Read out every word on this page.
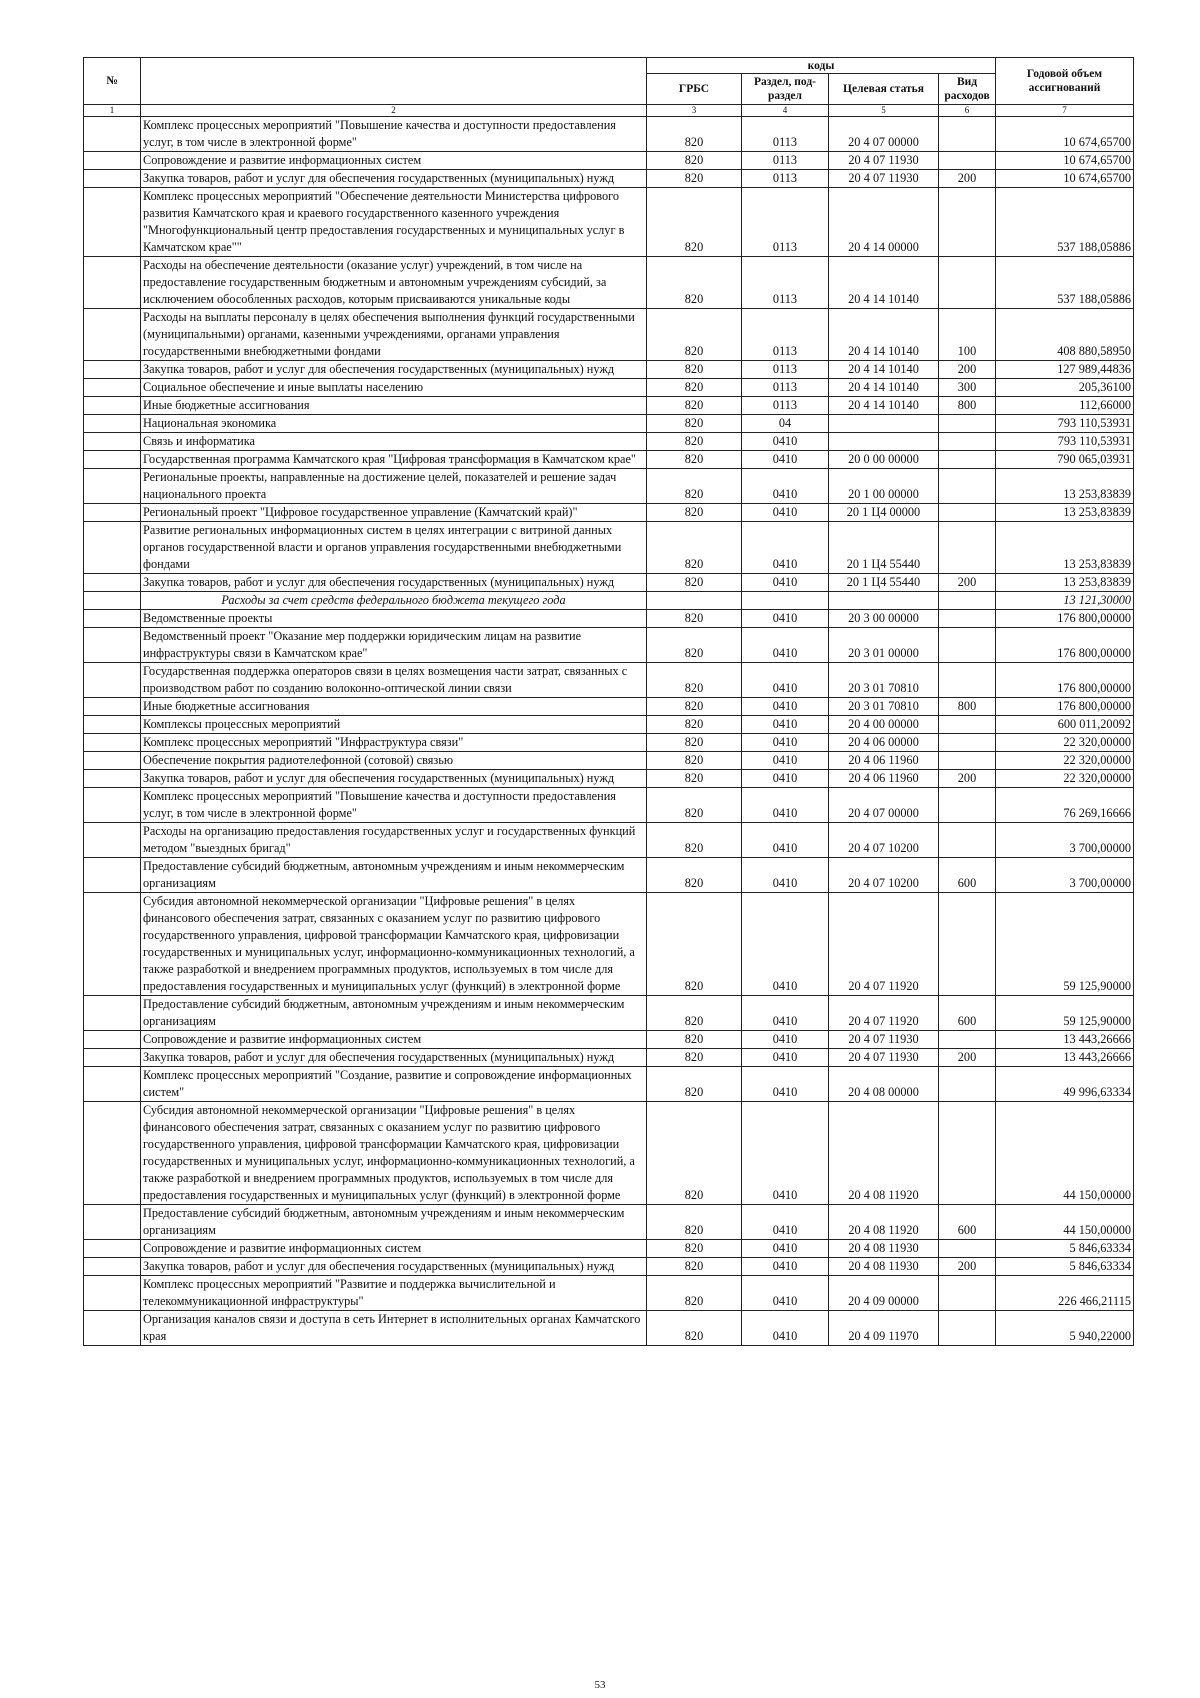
№		коды				Годовой объем ассигнований
		ГРБС	Раздел, под-раздел	Целевая статья	Вид расходов	
1	2	3	4	5	6	7
	Комплекс процессных мероприятий "Повышение качества и доступности предоставления услуг, в том числе в электронной форме"	820	0113	20 4 07 00000		10 674,65700
	Сопровождение и развитие информационных систем	820	0113	20 4 07 11930		10 674,65700
	Закупка товаров, работ и услуг для обеспечения государственных (муниципальных) нужд	820	0113	20 4 07 11930	200	10 674,65700
	Комплекс процессных мероприятий "Обеспечение деятельности Министерства цифрового развития Камчатского края и краевого государственного казенного учреждения "Многофункциональный центр предоставления государственных и муниципальных услуг в Камчатском крае""	820	0113	20 4 14 00000		537 188,05886
	Расходы на обеспечение деятельности (оказание услуг) учреждений, в том числе на предоставление государственным бюджетным и автономным учреждениям субсидий, за исключением обособленных расходов, которым присваиваются уникальные коды	820	0113	20 4 14 10140		537 188,05886
	Расходы на выплаты персоналу в целях обеспечения выполнения функций государственными (муниципальными) органами, казенными учреждениями, органами управления государственными внебюджетными фондами	820	0113	20 4 14 10140	100	408 880,58950
	Закупка товаров, работ и услуг для обеспечения государственных (муниципальных) нужд	820	0113	20 4 14 10140	200	127 989,44836
	Социальное обеспечение и иные выплаты населению	820	0113	20 4 14 10140	300	205,36100
	Иные бюджетные ассигнования	820	0113	20 4 14 10140	800	112,66000
	Национальная экономика	820	04			793 110,53931
	Связь и информатика	820	0410			793 110,53931
	Государственная программа Камчатского края "Цифровая трансформация в Камчатском крае"	820	0410	20 0 00 00000		790 065,03931
	Региональные проекты, направленные на достижение целей, показателей и решение задач национального проекта	820	0410	20 1 00 00000		13 253,83839
	Региональный проект "Цифровое государственное управление (Камчатский край)"	820	0410	20 1 Ц4 00000		13 253,83839
	Развитие региональных информационных систем в целях интеграции с витриной данных органов государственной власти и органов управления государственными внебюджетными фондами	820	0410	20 1 Ц4 55440		13 253,83839
	Закупка товаров, работ и услуг для обеспечения государственных (муниципальных) нужд	820	0410	20 1 Ц4 55440	200	13 253,83839
	Расходы за счет средств федерального бюджета текущего года					13 121,30000
	Ведомственные проекты	820	0410	20 3 00 00000		176 800,00000
	Ведомственный проект "Оказание мер поддержки юридическим лицам на развитие инфраструктуры связи в Камчатском крае"	820	0410	20 3 01 00000		176 800,00000
	Государственная поддержка операторов связи в целях возмещения части затрат, связанных с производством работ по созданию волоконно-оптической линии связи	820	0410	20 3 01 70810		176 800,00000
	Иные бюджетные ассигнования	820	0410	20 3 01 70810	800	176 800,00000
	Комплексы процессных мероприятий	820	0410	20 4 00 00000		600 011,20092
	Комплекс процессных мероприятий "Инфраструктура связи"	820	0410	20 4 06 00000		22 320,00000
	Обеспечение покрытия радиотелефонной (сотовой) связью	820	0410	20 4 06 11960		22 320,00000
	Закупка товаров, работ и услуг для обеспечения государственных (муниципальных) нужд	820	0410	20 4 06 11960	200	22 320,00000
	Комплекс процессных мероприятий "Повышение качества и доступности предоставления услуг, в том числе в электронной форме"	820	0410	20 4 07 00000		76 269,16666
	Расходы на организацию предоставления государственных услуг и государственных функций методом "выездных бригад"	820	0410	20 4 07 10200		3 700,00000
	Предоставление субсидий бюджетным, автономным учреждениям и иным некоммерческим организациям	820	0410	20 4 07 10200	600	3 700,00000
	Субсидия автономной некоммерческой организации "Цифровые решения" в целях финансового обеспечения затрат, связанных с оказанием услуг по развитию цифрового государственного управления, цифровой трансформации Камчатского края, цифровизации государственных и муниципальных услуг, информационно-коммуникационных технологий, а также разработкой и внедрением программных продуктов, используемых в том числе для предоставления государственных и муниципальных услуг (функций) в электронной форме	820	0410	20 4 07 11920		59 125,90000
	Предоставление субсидий бюджетным, автономным учреждениям и иным некоммерческим организациям	820	0410	20 4 07 11920	600	59 125,90000
	Сопровождение и развитие информационных систем	820	0410	20 4 07 11930		13 443,26666
	Закупка товаров, работ и услуг для обеспечения государственных (муниципальных) нужд	820	0410	20 4 07 11930	200	13 443,26666
	Комплекс процессных мероприятий "Создание, развитие и сопровождение информационных систем"	820	0410	20 4 08 00000		49 996,63334
	Субсидия автономной некоммерческой организации "Цифровые решения" в целях финансового обеспечения затрат, связанных с оказанием услуг по развитию цифрового государственного управления, цифровой трансформации Камчатского края, цифровизации государственных и муниципальных услуг, информационно-коммуникационных технологий, а также разработкой и внедрением программных продуктов, используемых в том числе для предоставления государственных и муниципальных услуг (функций) в электронной форме	820	0410	20 4 08 11920		44 150,00000
	Предоставление субсидий бюджетным, автономным учреждениям и иным некоммерческим организациям	820	0410	20 4 08 11920	600	44 150,00000
	Сопровождение и развитие информационных систем	820	0410	20 4 08 11930		5 846,63334
	Закупка товаров, работ и услуг для обеспечения государственных (муниципальных) нужд	820	0410	20 4 08 11930	200	5 846,63334
	Комплекс процессных мероприятий "Развитие и поддержка вычислительной и телекоммуникационной инфраструктуры"	820	0410	20 4 09 00000		226 466,21115
	Организация каналов связи и доступа в сеть Интернет в исполнительных органах Камчатского края	820	0410	20 4 09 11970		5 940,22000
53
